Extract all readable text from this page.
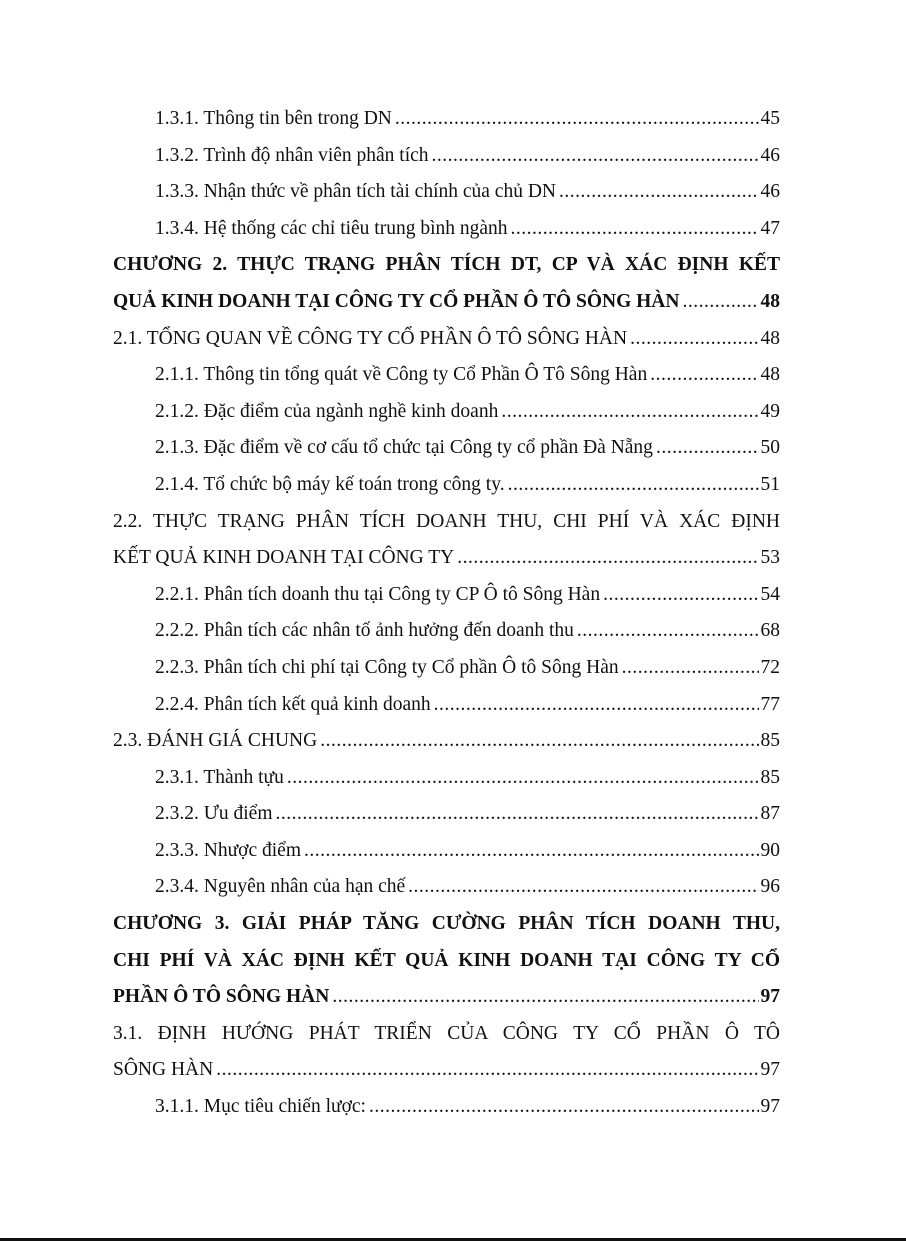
1.3.1. Thông tin bên trong DN .....	45
1.3.2. Trình độ nhân viên phân tích .....	46
1.3.3. Nhận thức về phân tích tài chính của chủ DN .....	46
1.3.4. Hệ thống các chỉ tiêu trung bình ngành .....	47
CHƯƠNG 2. THỰC TRẠNG PHÂN TÍCH DT, CP VÀ XÁC ĐỊNH KẾT
QUẢ KINH DOANH TẠI CÔNG TY CỔ PHẦN Ô TÔ SÔNG HÀN .....	48
2.1. TỔNG QUAN VỀ CÔNG TY CỔ PHẦN Ô TÔ SÔNG HÀN .....	48
2.1.1. Thông tin tổng quát về Công ty Cổ Phần Ô Tô Sông Hàn .....	48
2.1.2. Đặc điểm của ngành nghề kinh doanh .....	49
2.1.3. Đặc điểm về cơ cấu tổ chức tại Công ty cổ phần Đà Nẵng .....	50
2.1.4. Tổ chức bộ máy kế toán trong công ty. .....	51
2.2. THỰC TRẠNG PHÂN TÍCH DOANH THU, CHI PHÍ VÀ XÁC ĐỊNH
KẾT QUẢ KINH DOANH TẠI CÔNG TY .....	53
2.2.1. Phân tích doanh thu tại Công ty CP Ô tô Sông Hàn .....	54
2.2.2. Phân tích các nhân tố ảnh hưởng đến doanh thu .....	68
2.2.3. Phân tích chi phí tại Công ty Cổ phần Ô tô Sông Hàn .....	72
2.2.4. Phân tích kết quả kinh doanh .....	77
2.3. ĐÁNH GIÁ CHUNG .....	85
2.3.1. Thành tựu .....	85
2.3.2. Ưu điểm .....	87
2.3.3. Nhược điểm .....	90
2.3.4. Nguyên nhân của hạn chế .....	96
CHƯƠNG 3. GIẢI PHÁP TĂNG CƯỜNG PHÂN TÍCH DOANH THU,
CHI PHÍ VÀ XÁC ĐỊNH KẾT QUẢ KINH DOANH TẠI CÔNG TY CỔ
PHẦN Ô TÔ SÔNG HÀN .....	97
3.1. ĐỊNH HƯỚNG PHÁT TRIỂN CỦA CÔNG TY CỔ PHẦN Ô TÔ
SÔNG HÀN .....	97
3.1.1. Mục tiêu chiến lược: .....	97
